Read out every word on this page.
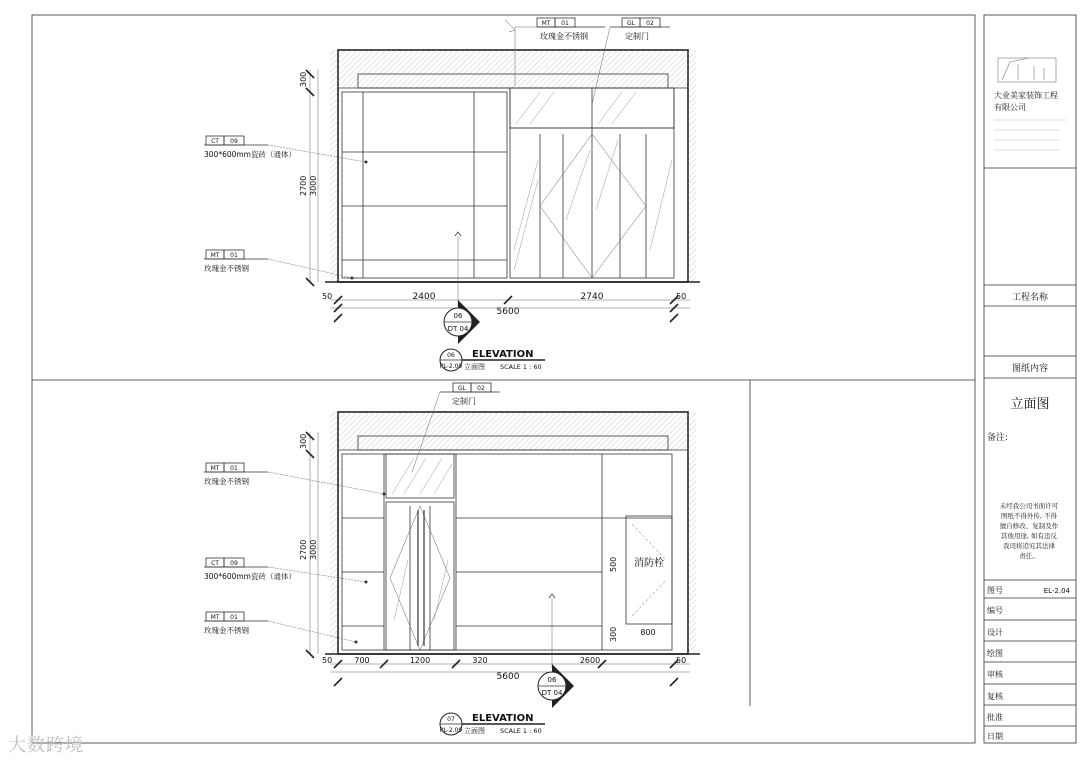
大业美家装饰工程
有限公司
工程名称
图纸内容
立面图
备注:
未经我公司书面许可
图纸不得外传, 不得
擅自修改、复制及作
其他用途, 如有违反
我司将追究其法律
责任。
图号	EL-2.04
编号
设计
绘图
审核
复核
批准
日期
300
2700 3000
50	2400	2740	50
5600
06
DT 04
06
PL-2.09
ELEVATION
立面图 SCALE 1 : 60
MT 01
玫瑰金不锈钢
GL 02
定制门
CT 09
300*600mm瓷砖（通体）
MT 01
玫瑰金不锈钢
消防栓
500
300	800
300
2700 3000
50	700	1200	320	2600	50
5600	06
DT 04
07
PL-2.09
ELEVATION
立面图 SCALE 1 : 60
GL 02
定制门
MT 01
玫瑰金不锈钢
CT 09
300*600mm瓷砖（通体）
MT 01
玫瑰金不锈钢
大数跨境
